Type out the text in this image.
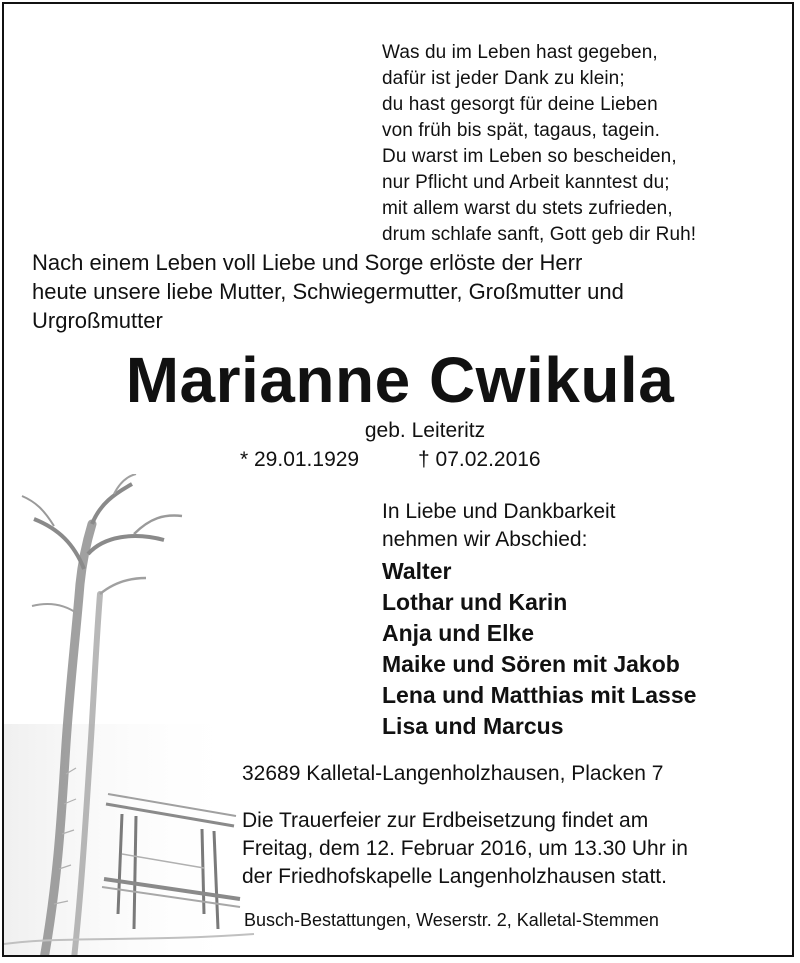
Was du im Leben hast gegeben,
dafür ist jeder Dank zu klein;
du hast gesorgt für deine Lieben
von früh bis spät, tagaus, tagein.
Du warst im Leben so bescheiden,
nur Pflicht und Arbeit kanntest du;
mit allem warst du stets zufrieden,
drum schlafe sanft, Gott geb dir Ruh!
Nach einem Leben voll Liebe und Sorge erlöste der Herr
heute unsere liebe Mutter, Schwiegermutter, Großmutter und
Urgroßmutter
Marianne Cwikula
geb. Leiteritz
* 29.01.1929	† 07.02.2016
In Liebe und Dankbarkeit
nehmen wir Abschied:
Walter
Lothar und Karin
Anja und Elke
Maike und Sören mit Jakob
Lena und Matthias mit Lasse
Lisa und Marcus
32689 Kalletal-Langenholzhausen, Placken 7
Die Trauerfeier zur Erdbeisetzung findet am
Freitag, dem 12. Februar 2016, um 13.30 Uhr in
der Friedhofskapelle Langenholzhausen statt.
Busch-Bestattungen, Weserstr. 2, Kalletal-Stemmen
